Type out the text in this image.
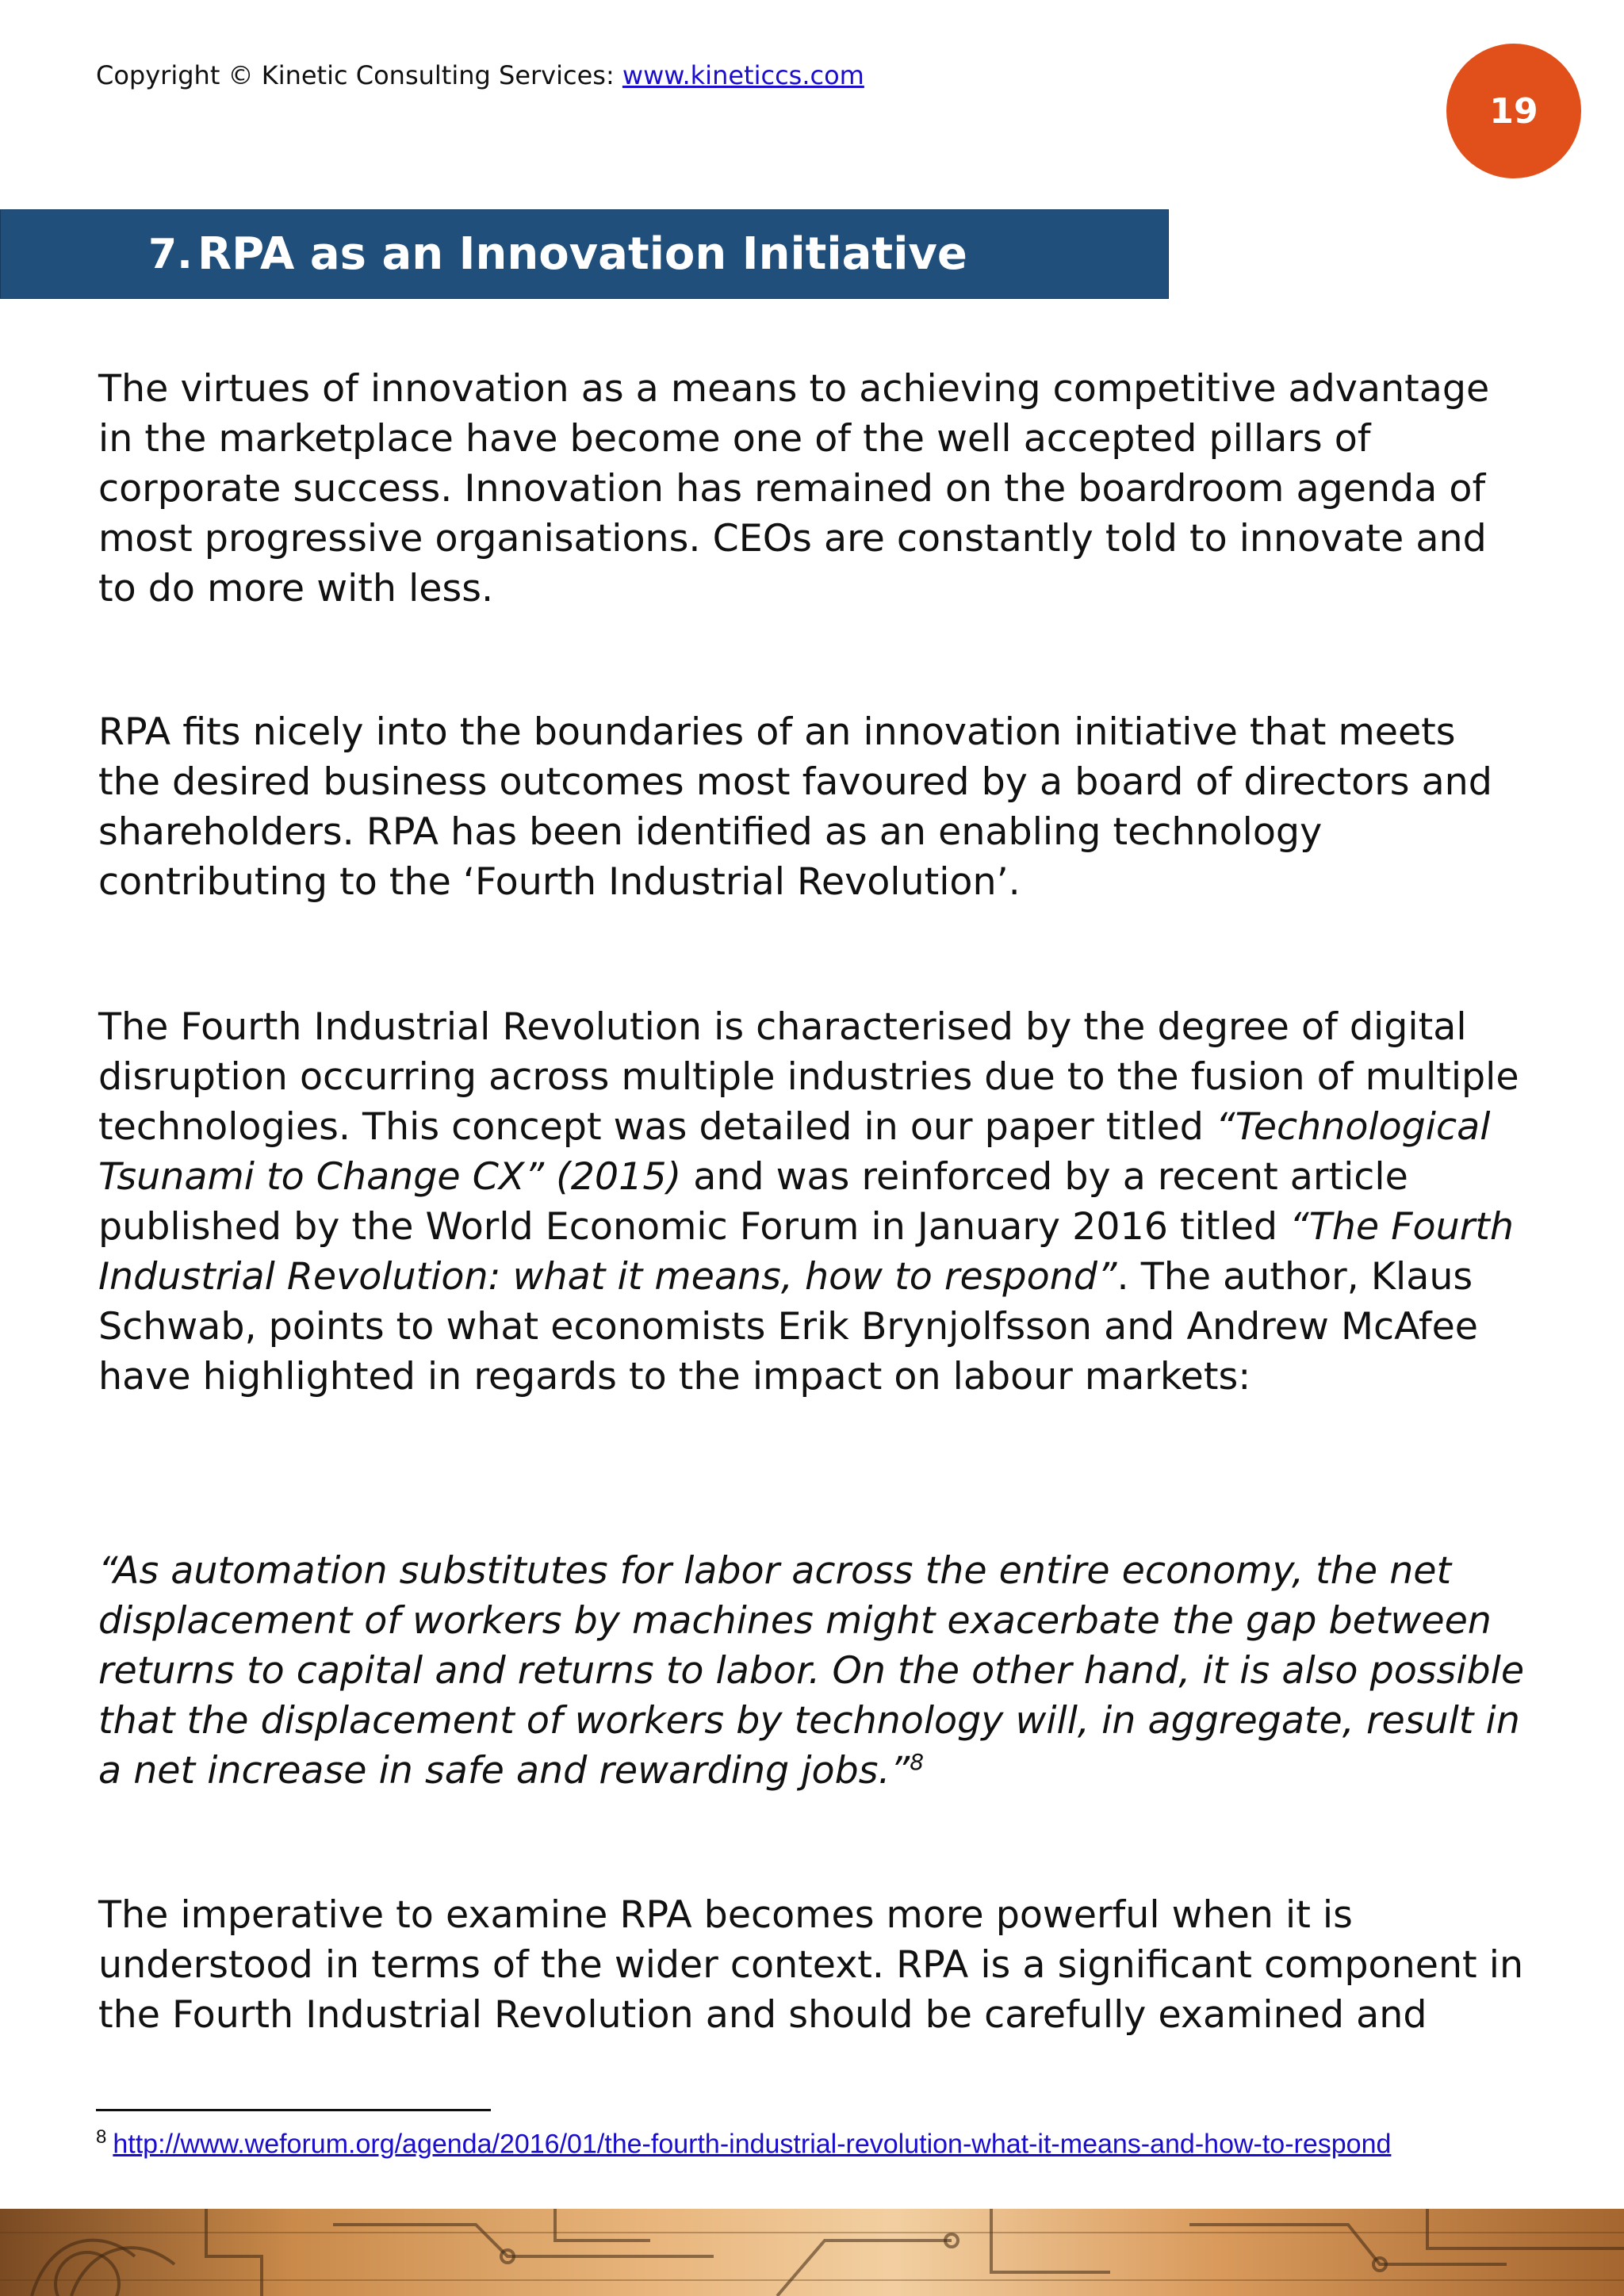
Copyright © Kinetic Consulting Services: www.kineticcs.com
19
7. RPA as an Innovation Initiative

The virtues of innovation as a means to achieving competitive advantage in the marketplace have become one of the well accepted pillars of corporate success. Innovation has remained on the boardroom agenda of most progressive organisations. CEOs are constantly told to innovate and to do more with less.

RPA fits nicely into the boundaries of an innovation initiative that meets the desired business outcomes most favoured by a board of directors and shareholders. RPA has been identified as an enabling technology contributing to the ‘Fourth Industrial Revolution’.

The Fourth Industrial Revolution is characterised by the degree of digital disruption occurring across multiple industries due to the fusion of multiple technologies. This concept was detailed in our paper titled “Technological Tsunami to Change CX” (2015) and was reinforced by a recent article published by the World Economic Forum in January 2016 titled “The Fourth Industrial Revolution: what it means, how to respond”. The author, Klaus Schwab, points to what economists Erik Brynjolfsson and Andrew McAfee have highlighted in regards to the impact on labour markets:

“As automation substitutes for labor across the entire economy, the net displacement of workers by machines might exacerbate the gap between returns to capital and returns to labor. On the other hand, it is also possible that the displacement of workers by technology will, in aggregate, result in a net increase in safe and rewarding jobs.”$^8$

The imperative to examine RPA becomes more powerful when it is understood in terms of the wider context. RPA is a significant component in the Fourth Industrial Revolution and should be carefully examined and

$^8$ http://www.weforum.org/agenda/2016/01/the-fourth-industrial-revolution-what-it-means-and-how-to-respond
